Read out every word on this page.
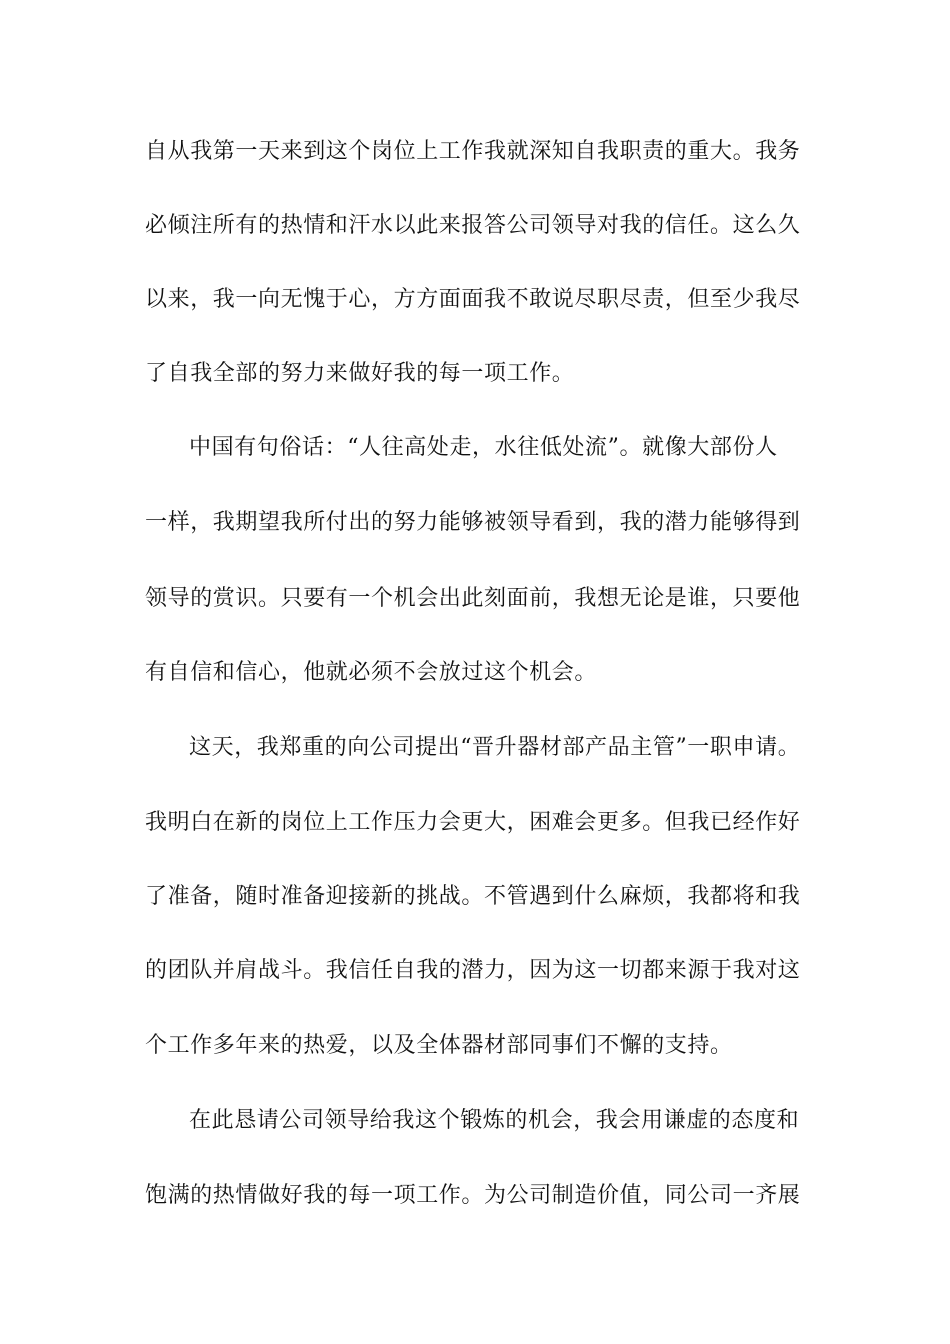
自从我第一天来到这个岗位上工作我就深知自我职责的重大。我务
必倾注所有的热情和汗水以此来报答公司领导对我的信任。这么久
以来，我一向无愧于心，方方面面我不敢说尽职尽责，但至少我尽
了自我全部的努力来做好我的每一项工作。
中国有句俗话：“人往高处走，水往低处流”。就像大部份人
一样，我期望我所付出的努力能够被领导看到，我的潜力能够得到
领导的赏识。只要有一个机会出此刻面前，我想无论是谁，只要他
有自信和信心，他就必须不会放过这个机会。
这天，我郑重的向公司提出“晋升器材部产品主管”一职申请。
我明白在新的岗位上工作压力会更大，困难会更多。但我已经作好
了准备，随时准备迎接新的挑战。不管遇到什么麻烦，我都将和我
的团队并肩战斗。我信任自我的潜力，因为这一切都来源于我对这
个工作多年来的热爱，以及全体器材部同事们不懈的支持。
在此恳请公司领导给我这个锻炼的机会，我会用谦虚的态度和
饱满的热情做好我的每一项工作。为公司制造价值，同公司一齐展
